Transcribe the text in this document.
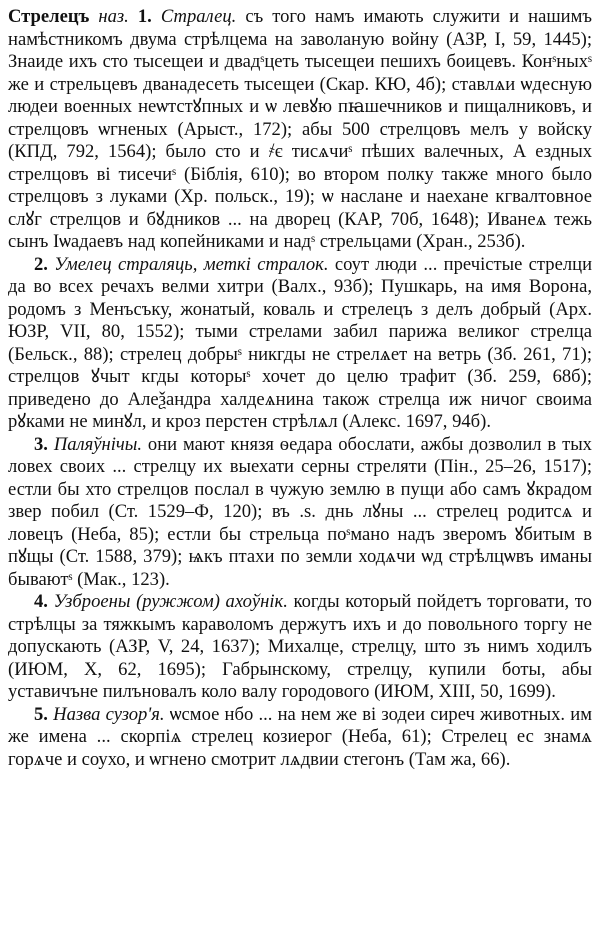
Стрелецъ наз. 1. Стралец. съ того намъ имають служити и нашимъ намѣстникомъ двума стрѣлцема на заволаную войну (АЗР, I, 59, 1445); Знаиде ихъ сто тысещеи и двадˢцеть тысещеи пешихъ боицевъ. Конˢныхˢ же и стрельцевъ дванадесеть тысещеи (Скар. КЮ, 4б); ставлѧи ѡдесную людеи военных неѡтстꙋпных и ѡ левꙋю пꙗшечников и пищалниковъ, и стрелцовъ ѡгненых (Арыст., 172); абы 500 стрелцовъ мелъ у войску (КПД, 792, 1564); было сто и ҂є тисѧчиˢ пѣших валечных, А ездных стрелцовъ ві тисечиˢ (Біблія, 610); во втором полку также много было стрелцовъ з луками (Хр. польск., 19); ѡ наслане и наехане кгвалтовное слꙋг стрелцов и бꙋдников ... на дворец (КАР, 70б, 1648); Иванеѧ тежь сынъ Іѡадаевъ над копейниками и надˢ стрельцами (Хран., 253б).

2. Умелец страляць, меткі стралок. соут люди ... пречістые стрелци да во всех речахъ велми хитри (Валх., 93б); Пушкарь, на имя Ворона, родомъ з Менъсъку, жонатый, коваль и стрелецъ з делъ добрый (Арх. ЮЗР, VII, 80, 1552); тыми стрелами забил парижа великог стрелца (Бельск., 88); стрелец добрыˢ никгды не стрелѧет на ветрь (Зб. 261, 71); стрелцов ꙋчыт кгды которыˢ хочет до целю трафит (Зб. 259, 68б); приведено до Алеѯандра халдеѧнина також стрелца иж ничог своима рꙋками не минꙋл, и кроз перстен стрѣлѧл (Алекс. 1697, 94б).

3. Паляўнічы. они мают князя ѳедара обослати, ажбы дозволил в тых ловех своих ... стрелцу их выехати серны стреляти (Пін., 25–26, 1517); естли бы хто стрелцов послал в чужую землю в пущи або самъ ꙋкрадом звер побил (Ст. 1529–Ф, 120); въ .ѕ. днь лꙋны ... стрелец родитсѧ и ловецъ (Неба, 85); естли бы стрельца поˢмано надъ зверомъ ꙋбитым в пꙋщы (Ст. 1588, 379); ѩкъ птахи по земли ходѧчи ѡд стрѣлцѡвъ иманы бываютˢ (Мак., 123).

4. Узброены (ружжом) ахоўнік. когды который пойдетъ торговати, то стрѣлцы за тяжкымъ караволомъ держутъ ихъ и до повольного торгу не допускають (АЗР, V, 24, 1637); Михалце, стрелцу, што зъ нимъ ходилъ (ИЮМ, X, 62, 1695); Габрынскому, стрелцу, купили боты, абы уставичъне пилъновалъ коло валу городового (ИЮМ, XIII, 50, 1699).

5. Назва сузор'я. ѡсмое нбо ... на нем же ві зодеи сиреч животных. им же имена ... скорпіѧ стрелец козиерог (Неба, 61); Стрелец ес знамѧ горѧче и соухо, и ѡгнено смотрит лѧдвии стегонъ (Там жа, 66).
